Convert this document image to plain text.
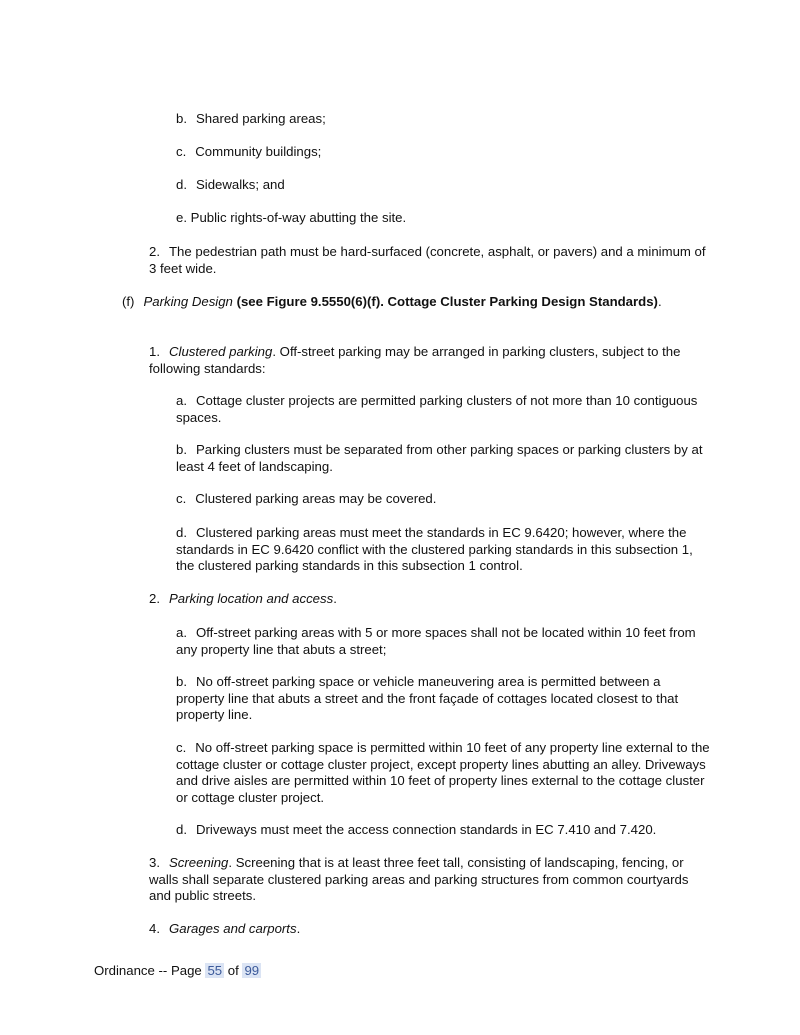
b. Shared parking areas;

c. Community buildings;

d. Sidewalks; and

e. Public rights-of-way abutting the site.

2. The pedestrian path must be hard-surfaced (concrete, asphalt, or pavers) and a minimum of 3 feet wide.

(f) Parking Design (see Figure 9.5550(6)(f). Cottage Cluster Parking Design Standards).

1. Clustered parking. Off-street parking may be arranged in parking clusters, subject to the following standards:

a. Cottage cluster projects are permitted parking clusters of not more than 10 contiguous spaces.

b. Parking clusters must be separated from other parking spaces or parking clusters by at least 4 feet of landscaping.

c. Clustered parking areas may be covered.

d. Clustered parking areas must meet the standards in EC 9.6420; however, where the standards in EC 9.6420 conflict with the clustered parking standards in this subsection 1, the clustered parking standards in this subsection 1 control.

2. Parking location and access.

a. Off-street parking areas with 5 or more spaces shall not be located within 10 feet from any property line that abuts a street;

b. No off-street parking space or vehicle maneuvering area is permitted between a property line that abuts a street and the front façade of cottages located closest to that property line.

c. No off-street parking space is permitted within 10 feet of any property line external to the cottage cluster or cottage cluster project, except property lines abutting an alley. Driveways and drive aisles are permitted within 10 feet of property lines external to the cottage cluster or cottage cluster project.

d. Driveways must meet the access connection standards in EC 7.410 and 7.420.

3. Screening. Screening that is at least three feet tall, consisting of landscaping, fencing, or walls shall separate clustered parking areas and parking structures from common courtyards and public streets.

4. Garages and carports.

Ordinance -- Page 55 of 99
